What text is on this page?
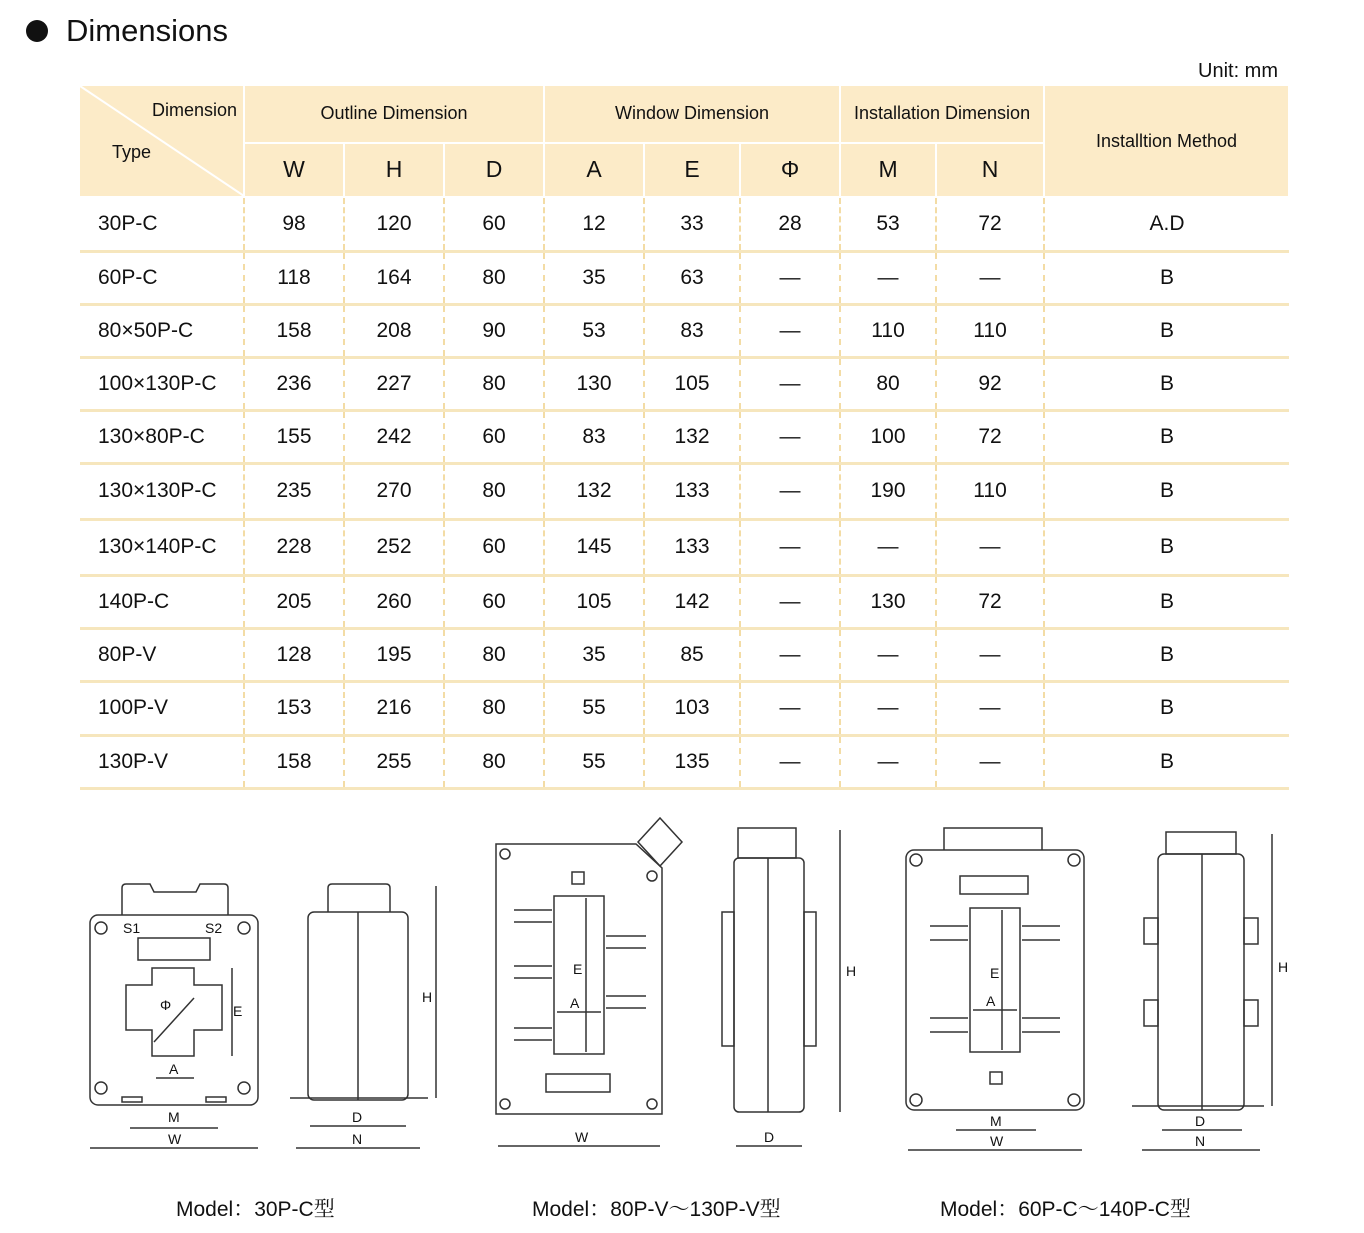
Dimensions
Unit: mm
Dimension
Type	Outline Dimension			Window Dimension			Installation Dimension		Installtion Method
	W	H	D	A	E	Φ	M	N	
30P-C	98	120	60	12	33	28	53	72	A.D
60P-C	118	164	80	35	63	—	—	—	B
80×50P-C	158	208	90	53	83	—	110	110	B
100×130P-C	236	227	80	130	105	—	80	92	B
130×80P-C	155	242	60	83	132	—	100	72	B
130×130P-C	235	270	80	132	133	—	190	110	B
130×140P-C	228	252	60	145	133	—	—	—	B
140P-C	205	260	60	105	142	—	130	72	B
80P-V	128	195	80	35	85	—	—	—	B
100P-V	153	216	80	55	103	—	—	—	B
130P-V	158	255	80	55	135	—	—	—	B
S1	S2
Φ	E
A
M
W
H
D
N
E
A
W
H
D
E
A
M
W
H
D
N
Model：30P-C型	Model：80P-V～130P-V型	Model：60P-C～140P-C型
